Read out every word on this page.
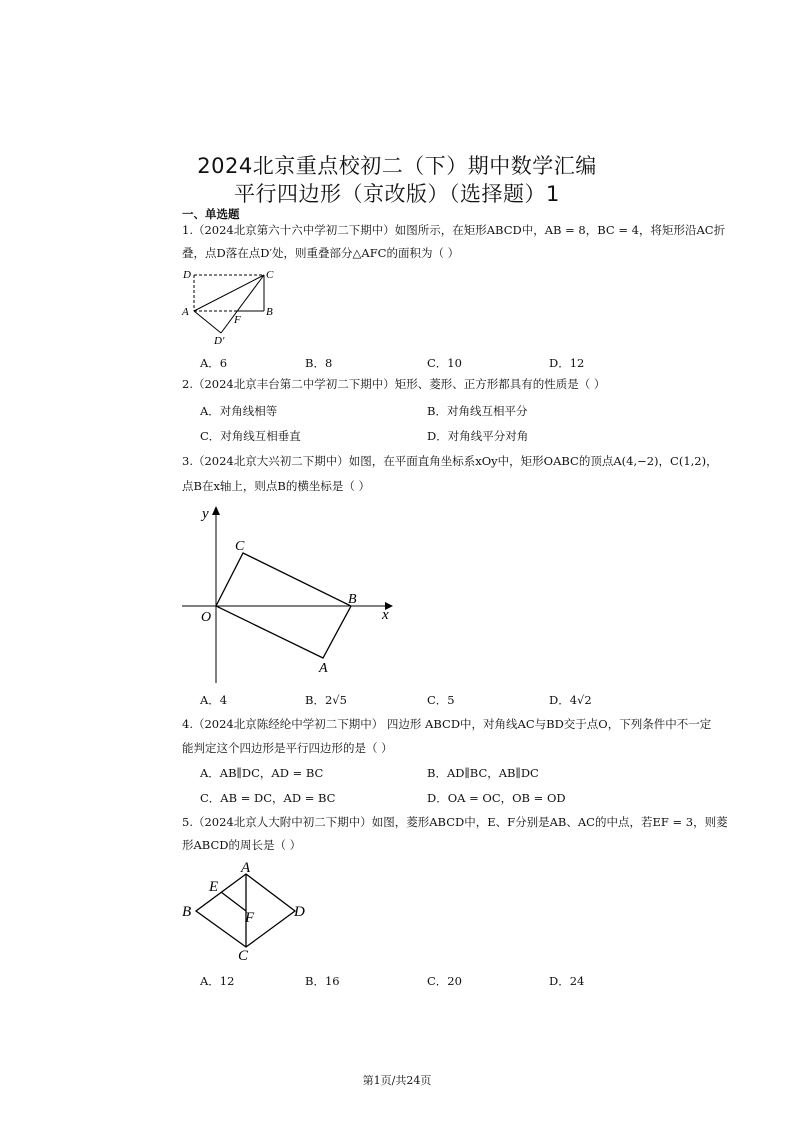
2024北京重点校初二（下）期中数学汇编
平行四边形（京改版）（选择题）1
一、单选题
1.（2024北京第六十六中学初二下期中）如图所示，在矩形ABCD中，AB = 8，BC = 4，将矩形沿AC折
叠，点D落在点D′处，则重叠部分△AFC的面积为（ ）
D	C
A
F
B
D′
A．6	B．8	C．10	D．12
2.（2024北京丰台第二中学初二下期中）矩形、菱形、正方形都具有的性质是（ ）
A．对角线相等	B．对角线互相平分
C．对角线互相垂直	D．对角线平分对角
3.（2024北京大兴初二下期中）如图，在平面直角坐标系xOy中，矩形OABC的顶点A(4,−2)，C(1,2)，
点B在x轴上，则点B的横坐标是（ ）
y
C
B
x
O
A
A．4	B．2√5	C．5	D．4√2
4.（2024北京陈经纶中学初二下期中） 四边形 ABCD中，对角线AC与BD交于点O，下列条件中不一定
能判定这个四边形是平行四边形的是（ ）
A．AB∥DC，AD = BC	B．AD∥BC，AB∥DC
C．AB = DC，AD = BC	D．OA = OC，OB = OD
5.（2024北京人大附中初二下期中）如图，菱形ABCD中，E、F分别是AB、AC的中点，若EF = 3，则菱
形ABCD的周长是（ ）
A
E
B	F	D
C
A．12	B．16	C．20	D．24
第1页/共24页
